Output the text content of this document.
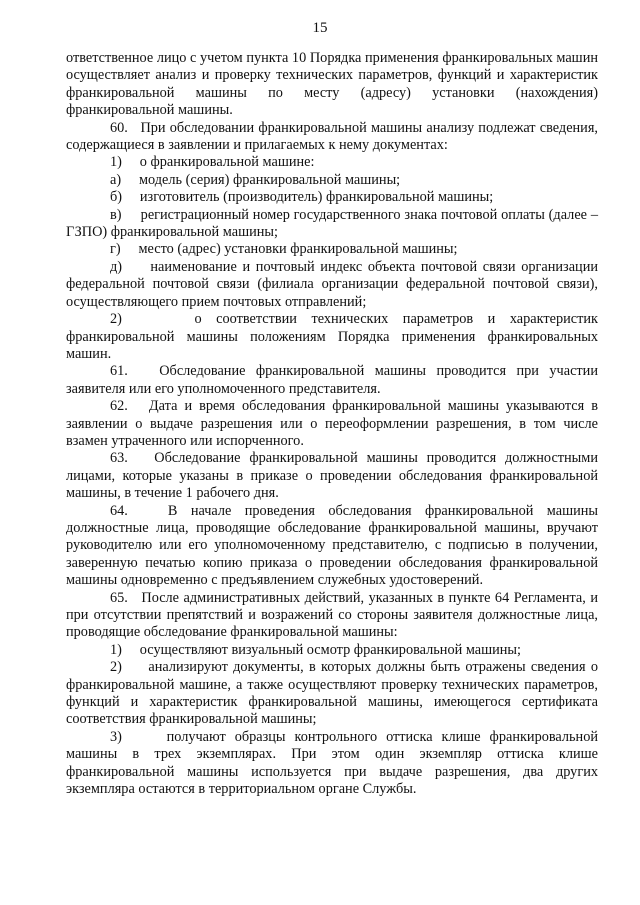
15

ответственное лицо с учетом пункта 10 Порядка применения франкировальных машин осуществляет анализ и проверку технических параметров, функций и характеристик франкировальной машины по месту (адресу) установки (нахождения) франкировальной машины.

60.   При обследовании франкировальной машины анализу подлежат сведения, содержащиеся в заявлении и прилагаемых к нему документах:

1)     о франкировальной машине:

а)     модель (серия) франкировальной машины;

б)     изготовитель (производитель) франкировальной машины;

в)     регистрационный номер государственного знака почтовой оплаты (далее – ГЗПО) франкировальной машины;

г)     место (адрес) установки франкировальной машины;

д)     наименование и почтовый индекс объекта почтовой связи организации федеральной почтовой связи (филиала организации федеральной почтовой связи), осуществляющего прием почтовых отправлений;

2)     о соответствии технических параметров и характеристик франкировальной машины положениям Порядка применения франкировальных машин.

61.   Обследование франкировальной машины проводится при участии заявителя или его уполномоченного представителя.

62.   Дата и время обследования франкировальной машины указываются в заявлении о выдаче разрешения или о переоформлении разрешения, в том числе взамен утраченного или испорченного.

63.   Обследование франкировальной машины проводится должностными лицами, которые указаны в приказе о проведении обследования франкировальной машины, в течение 1 рабочего дня.

64.   В начале проведения обследования франкировальной машины должностные лица, проводящие обследование франкировальной машины, вручают руководителю или его уполномоченному представителю, с подписью в получении, заверенную печатью копию приказа о проведении обследования франкировальной машины одновременно с предъявлением служебных удостоверений.

65.   После административных действий, указанных в пункте 64 Регламента, и при отсутствии препятствий и возражений со стороны заявителя должностные лица, проводящие обследование франкировальной машины:

1)     осуществляют визуальный осмотр франкировальной машины;

2)     анализируют документы, в которых должны быть отражены сведения о франкировальной машине, а также осуществляют проверку технических параметров, функций и характеристик франкировальной машины, имеющегося сертификата соответствия франкировальной машины;

3)     получают образцы контрольного оттиска клише франкировальной машины в трех экземплярах. При этом один экземпляр оттиска клише франкировальной машины используется при выдаче разрешения, два других экземпляра остаются в территориальном органе Службы.
